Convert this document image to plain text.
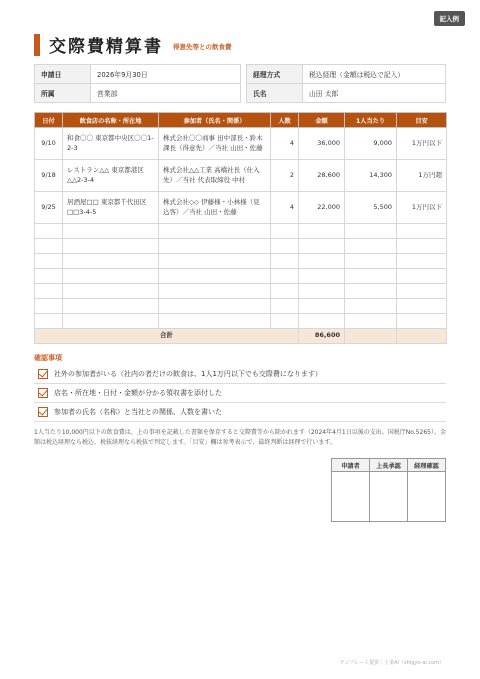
記入例
交際費精算書 得意先等との飲食費
申請日	2026年9月30日		経理方式	税込経理（金額は税込で記入）
所属	営業部		氏名	山田 太郎
日付	飲食店の名称・所在地	参加者（氏名・関係）	人数	金額	1人当たり	目安
9/10	和食〇〇 東京都中央区〇〇1-2-3	株式会社〇〇商事 田中部長・鈴木課長（得意先）／当社 山田・佐藤	4	36,000	9,000	1万円以下
9/18	レストラン△△ 東京都港区△△2-3-4	株式会社△△工業 高橋社長（仕入先）／当社 代表取締役 中村	2	28,600	14,300	1万円超
9/25	居酒屋□□ 東京都千代田区□□3-4-5	株式会社◇◇ 伊藤様・小林様（見込客）／当社 山田・佐藤	4	22,000	5,500	1万円以下

合計				86,600		
確認事項
社外の参加者がいる（社内の者だけの飲食は、1人1万円以下でも交際費になります）
店名・所在地・日付・金額が分かる領収書を添付した
参加者の氏名（名称）と当社との関係、人数を書いた
1人当たり10,000円以下の飲食費は、上の事項を記載した書類を保存すると交際費等から除かれます（2024年4月1日以後の支出。国税庁No.5265）。金額は税込経理なら税込、税抜経理なら税抜で判定します。「目安」欄は参考表示で、最終判断は経理で行います。
申請者	上長承認	経理確認

テンプレート提供｜士業AI（shigyo-ai.com）
